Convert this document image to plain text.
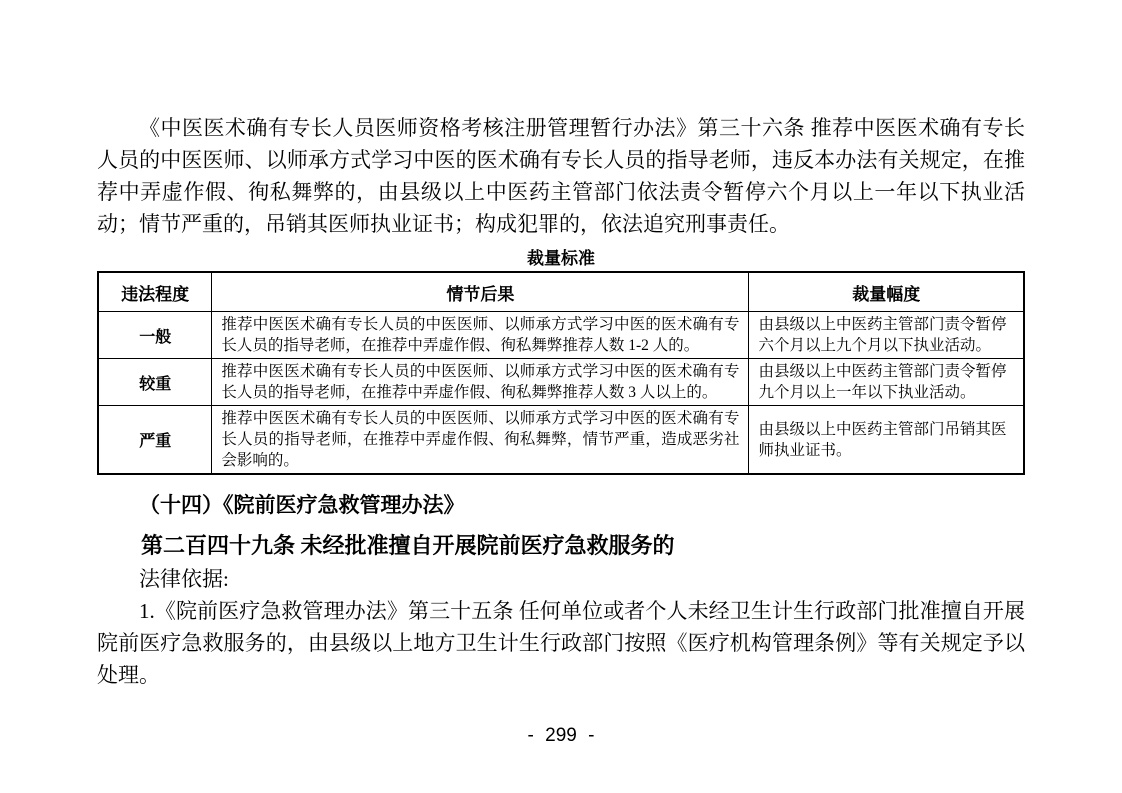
《中医医术确有专长人员医师资格考核注册管理暂行办法》第三十六条 推荐中医医术确有专长人员的中医医师、以师承方式学习中医的医术确有专长人员的指导老师，违反本办法有关规定，在推荐中弄虚作假、徇私舞弊的，由县级以上中医药主管部门依法责令暂停六个月以上一年以下执业活动；情节严重的，吊销其医师执业证书；构成犯罪的，依法追究刑事责任。

裁量标准
违法程度	情节后果	裁量幅度
一般	推荐中医医术确有专长人员的中医医师、以师承方式学习中医的医术确有专长人员的指导老师，在推荐中弄虚作假、徇私舞弊推荐人数 1-2 人的。	由县级以上中医药主管部门责令暂停六个月以上九个月以下执业活动。
较重	推荐中医医术确有专长人员的中医医师、以师承方式学习中医的医术确有专长人员的指导老师，在推荐中弄虚作假、徇私舞弊推荐人数 3 人以上的。	由县级以上中医药主管部门责令暂停九个月以上一年以下执业活动。
严重	推荐中医医术确有专长人员的中医医师、以师承方式学习中医的医术确有专长人员的指导老师，在推荐中弄虚作假、徇私舞弊，情节严重，造成恶劣社会影响的。	由县级以上中医药主管部门吊销其医师执业证书。

（十四）《院前医疗急救管理办法》

第二百四十九条 未经批准擅自开展院前医疗急救服务的

法律依据:

1.《院前医疗急救管理办法》第三十五条 任何单位或者个人未经卫生计生行政部门批准擅自开展院前医疗急救服务的，由县级以上地方卫生计生行政部门按照《医疗机构管理条例》等有关规定予以处理。

- 299 -
